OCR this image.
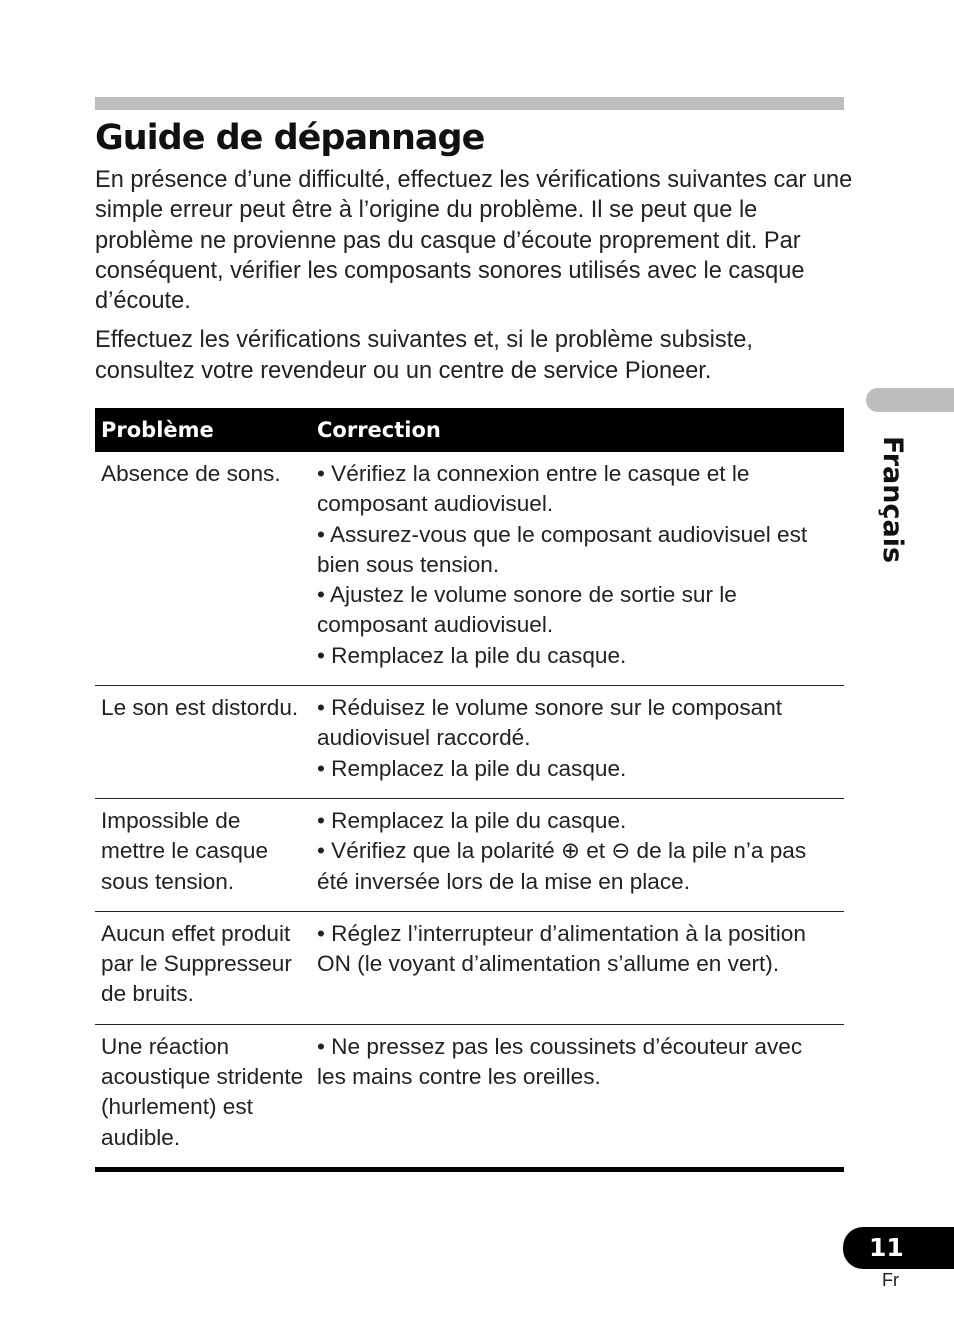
Guide de dépannage

En présence d’une difficulté, effectuez les vérifications suivantes car une simple erreur peut être à l’origine du problème. Il se peut que le problème ne provienne pas du casque d’écoute proprement dit. Par conséquent, vérifier les composants sonores utilisés avec le casque d’écoute.

Effectuez les vérifications suivantes et, si le problème subsiste, consultez votre revendeur ou un centre de service Pioneer.

Problème	Correction
Absence de sons.	• Vérifiez la connexion entre le casque et le composant audiovisuel.
• Assurez-vous que le composant audiovisuel est bien sous tension.
• Ajustez le volume sonore de sortie sur le composant audiovisuel.
• Remplacez la pile du casque.

Le son est distordu.	• Réduisez le volume sonore sur le composant audiovisuel raccordé.
• Remplacez la pile du casque.

Impossible de mettre le casque sous tension.	• Remplacez la pile du casque.
• Vérifiez que la polarité ⊕ et ⊖ de la pile n’a pas été inversée lors de la mise en place.

Aucun effet produit par le Suppresseur de bruits.	• Réglez l’interrupteur d’alimentation à la position ON (le voyant d’alimentation s’allume en vert).

Une réaction acoustique stridente (hurlement) est audible.	• Ne pressez pas les coussinets d’écouteur avec les mains contre les oreilles.
Français
11
Fr
